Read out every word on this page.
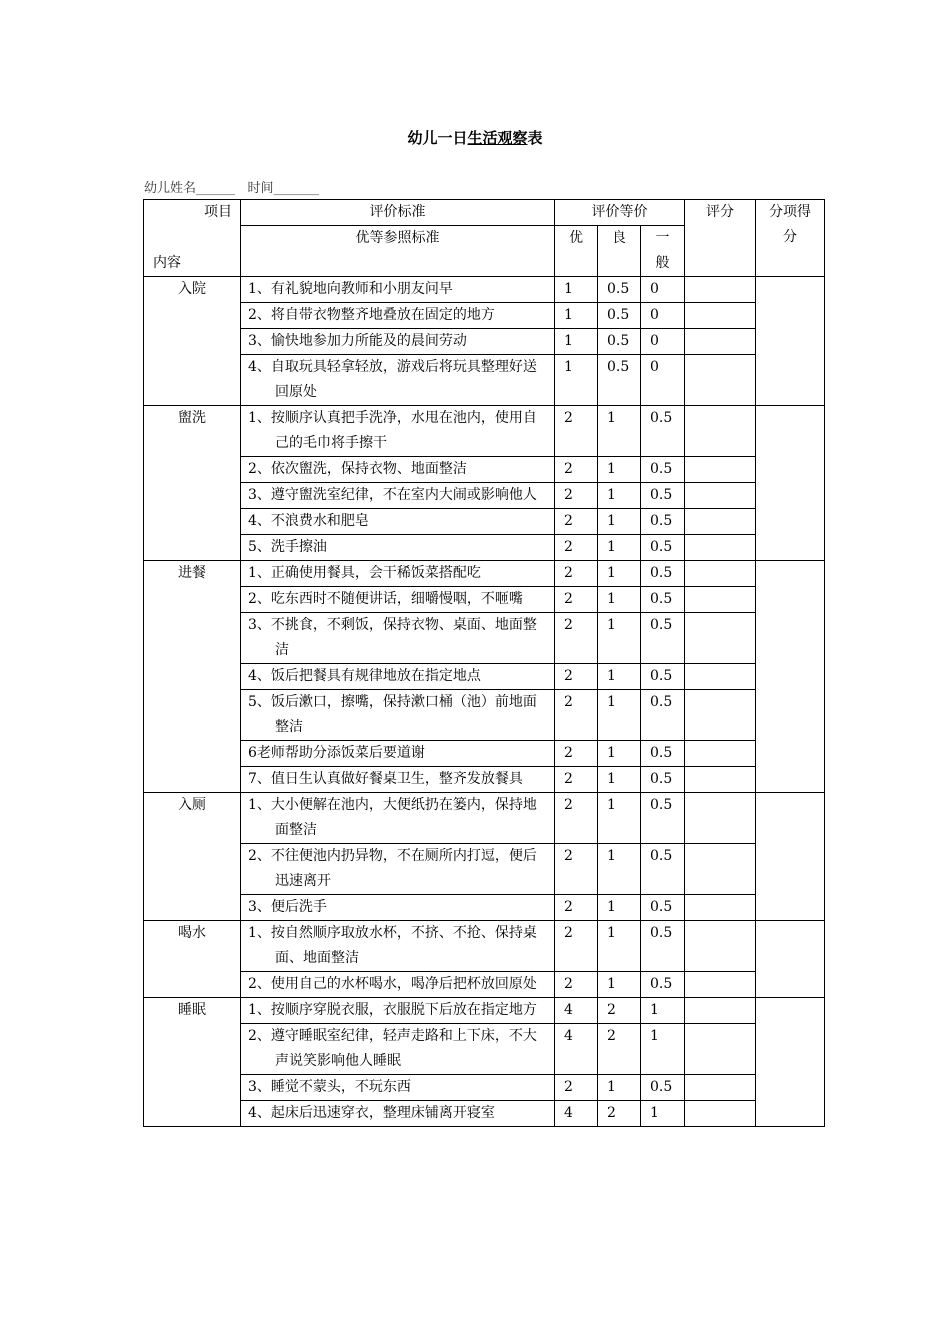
幼儿一日生活观察表
幼儿姓名______ 时间_______
项目
内容	评价标准	评价等价			评分	分项得分
	优等参照标准	优	良	一般		
入院	1、有礼貌地向教师和小朋友问早	1	0.5	0		

	2、将自带衣物整齐地叠放在固定的地方	1	0.5	0		

	3、愉快地参加力所能及的晨间劳动	1	0.5	0		

	4、自取玩具轻拿轻放，游戏后将玩具整理好送回原处	1	0.5	0		
盥洗	1、按顺序认真把手洗净，水甩在池内，使用自己的毛巾将手擦干	2	1	0.5		

	2、依次盥洗，保持衣物、地面整洁	2	1	0.5		

	3、遵守盥洗室纪律，不在室内大闹或影响他人	2	1	0.5		

	4、不浪费水和肥皂	2	1	0.5		

	5、洗手擦油	2	1	0.5		
进餐	1、正确使用餐具，会干稀饭菜搭配吃	2	1	0.5		

	2、吃东西时不随便讲话，细嚼慢咽，不咂嘴	2	1	0.5		

	3、不挑食，不剩饭，保持衣物、桌面、地面整洁	2	1	0.5		

	4、饭后把餐具有规律地放在指定地点	2	1	0.5		

	5、饭后漱口，擦嘴，保持漱口桶（池）前地面整洁	2	1	0.5		

	6老师帮助分添饭菜后要道谢	2	1	0.5		

	7、值日生认真做好餐桌卫生，整齐发放餐具	2	1	0.5		
入厕	1、大小便解在池内，大便纸扔在篓内，保持地面整洁	2	1	0.5		

	2、不往便池内扔异物，不在厕所内打逗，便后迅速离开	2	1	0.5		

	3、便后洗手	2	1	0.5		
喝水	1、按自然顺序取放水杯，不挤、不抢、保持桌面、地面整洁	2	1	0.5		

	2、使用自己的水杯喝水，喝净后把杯放回原处	2	1	0.5		
睡眠	1、按顺序穿脱衣服，衣服脱下后放在指定地方	4	2	1		

	2、遵守睡眠室纪律，轻声走路和上下床，不大声说笑影响他人睡眠	4	2	1		

	3、睡觉不蒙头，不玩东西	2	1	0.5		

	4、起床后迅速穿衣，整理床铺离开寝室	4	2	1		
